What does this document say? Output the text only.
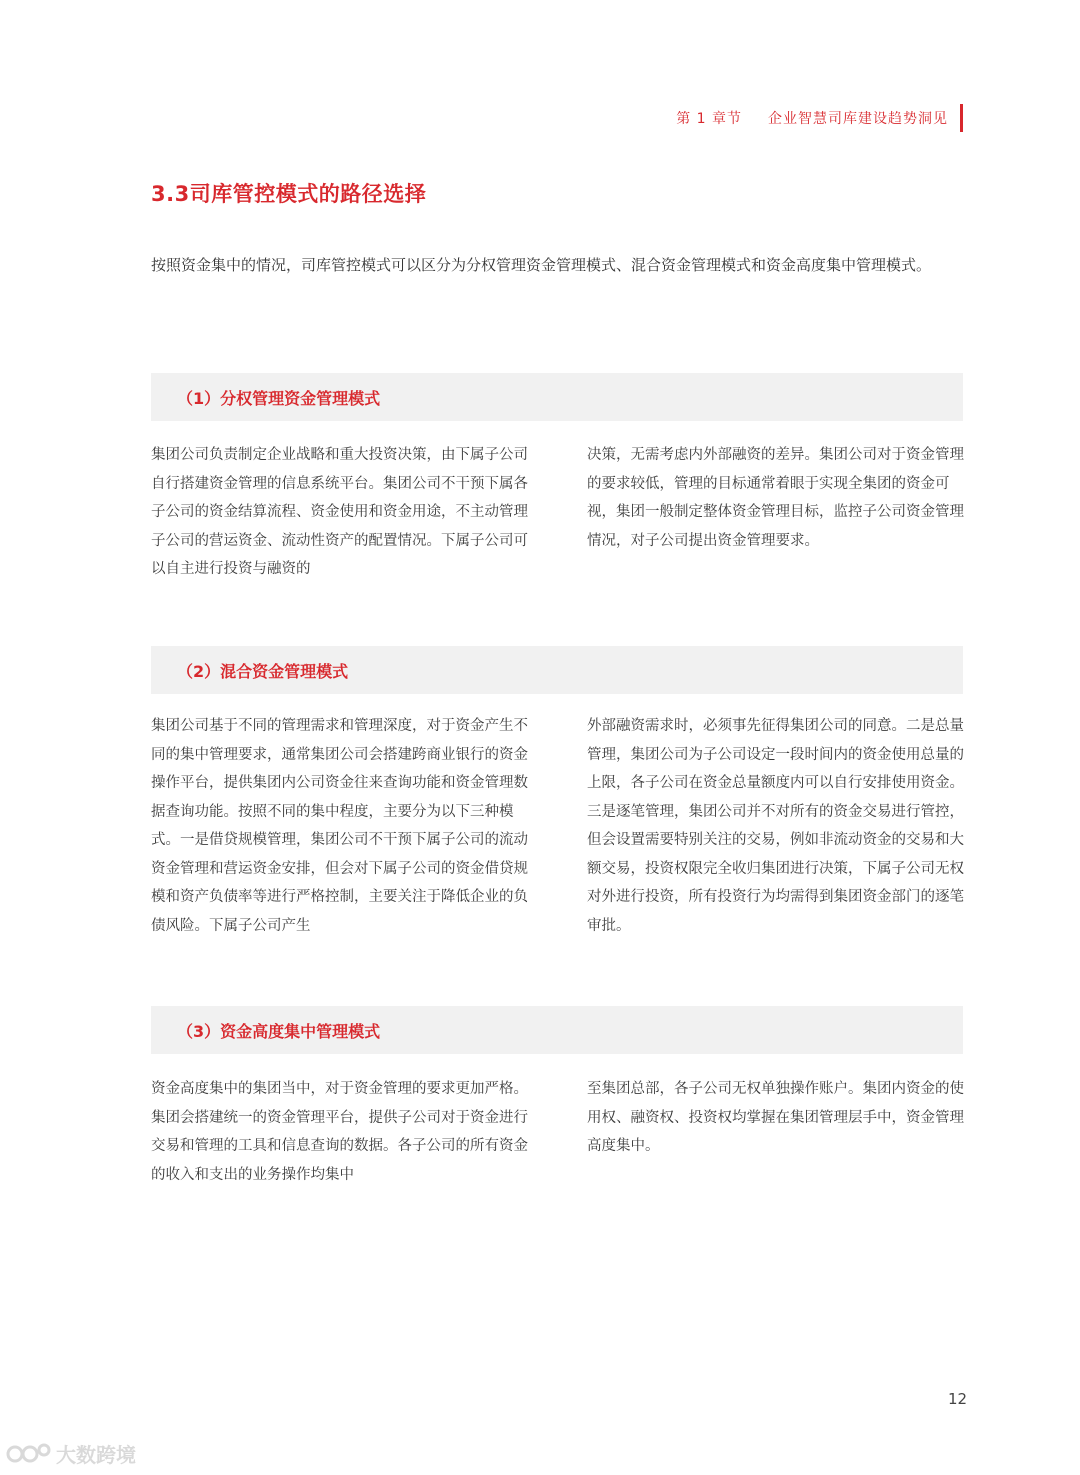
第 1 章节 企业智慧司库建设趋势洞见
3.3司库管控模式的路径选择

按照资金集中的情况，司库管控模式可以区分为分权管理资金管理模式、混合资金管理模式和资金高度集中管理模式。

（1）分权管理资金管理模式

集团公司负责制定企业战略和重大投资决策，由下属子公司自行搭建资金管理的信息系统平台。集团公司不干预下属各子公司的资金结算流程、资金使用和资金用途，不主动管理子公司的营运资金、流动性资产的配置情况。下属子公司可以自主进行投资与融资的

决策，无需考虑内外部融资的差异。集团公司对于资金管理的要求较低，管理的目标通常着眼于实现全集团的资金可视，集团一般制定整体资金管理目标，监控子公司资金管理情况，对子公司提出资金管理要求。

（2）混合资金管理模式

集团公司基于不同的管理需求和管理深度，对于资金产生不同的集中管理要求，通常集团公司会搭建跨商业银行的资金操作平台，提供集团内公司资金往来查询功能和资金管理数据查询功能。按照不同的集中程度，主要分为以下三种模式。一是借贷规模管理，集团公司不干预下属子公司的流动资金管理和营运资金安排，但会对下属子公司的资金借贷规模和资产负债率等进行严格控制，主要关注于降低企业的负债风险。下属子公司产生

外部融资需求时，必须事先征得集团公司的同意。二是总量管理，集团公司为子公司设定一段时间内的资金使用总量的上限，各子公司在资金总量额度内可以自行安排使用资金。三是逐笔管理，集团公司并不对所有的资金交易进行管控，但会设置需要特别关注的交易，例如非流动资金的交易和大额交易，投资权限完全收归集团进行决策，下属子公司无权对外进行投资，所有投资行为均需得到集团资金部门的逐笔审批。

（3）资金高度集中管理模式

资金高度集中的集团当中，对于资金管理的要求更加严格。集团会搭建统一的资金管理平台，提供子公司对于资金进行交易和管理的工具和信息查询的数据。各子公司的所有资金的收入和支出的业务操作均集中

至集团总部，各子公司无权单独操作账户。集团内资金的使用权、融资权、投资权均掌握在集团管理层手中，资金管理高度集中。

12
大数跨境
